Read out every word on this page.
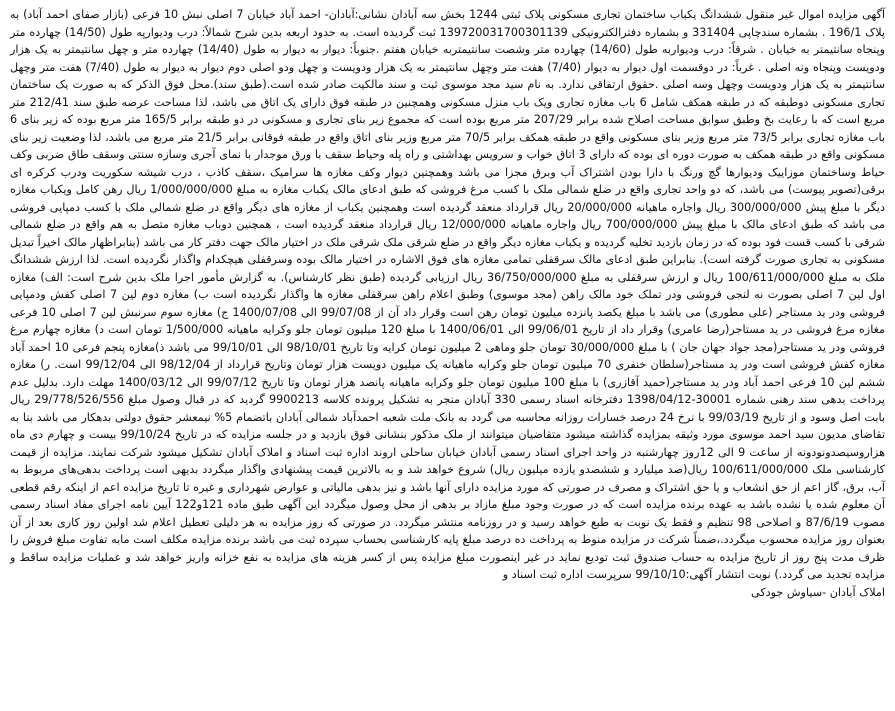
آگهی مزایده اموال غیر منقول ششدانگ یکباب ساختمان تجاری مسکونی پلاک ثبتی 1244 بخش سه آبادان نشانی:آبادان- احمد آباد خیابان 7 اصلی نبش 10 فرعی (بازار صفای احمد آباد) به پلاک 196/1 . بشماره سندچاپی 331404 و بشماره دفترالکترونیکی 139720031700301139 ثبت گردیده است. به حدود اربعه بدین شرح شمالاً: درب وديوارپه طول (14/50) چهارده متر وپنجاه سانتیمتر به خیابان . شرقاً: درب وديواربه طول (14/60) چهارده متر وشصت سانتیمتربه خیابان هفتم .جنوباً: ديوار به ديوار به طول (14/40) چهارده متر و چهل سانتیمتر به یک هزار ودویست وپنجاه ونه اصلی . غرباً: در دوقسمت اول ديوار به ديوار (7/40) هفت متر وچهل سانتیمتر به یک هزار ودویست و چهل ودو اصلی دوم ديوار به ديوار به طول (7/40) هفت متر وچهل سانتیمتر به یک هزار ودویست وچهل وسه اصلی .حقوق ارتفاقی ندارد. به نام سید مجد موسوی ثبت و سند مالکیت صادر شده است.(طبق سند).محل فوق الذکر که به صورت یک ساختمان تجاری مسکونی دوطبقه که در طبقه همکف شامل 6 باب مغازه تجاری ویک باب منزل مسکونی وهمچنین در طبقه فوق دارای یک اتاق می باشد، لذا مساحت عرصه طبق سند 212/41 متر مربع است که با رعایت بخ وطبق سوابق مساحت اصلاح شده برابر 207/29 متر مربع بوده است که مجموع زیر بنای تجاری و مسکونی در دو طبقه برابر 165/5 متر مربع بوده که زیر بنای 6 باب مغازه تجاری برابر 73/5 متر مربع وزیر بنای مسکونی واقع در طبقه همکف برابر 70/5 متر مربع وزیر بنای اتاق واقع در طبقه فوقانی برابر 21/5 متر مربع می باشد، لذا وضعیت زیر بنای مسکونی واقع در طبقه همکف به صورت دوره ای بوده که دارای 3 اتاق خواب و سرویس بهداشتی و راه پله وحیاط سقف با ورق موجدار با نمای آجری وسازه سنتی وسقف طاق ضربی وکف حیاط وساختمان موزاییک وديوارها گچ ورنگ با دارا بودن اشتراک آب وبرق مجزا می باشد وهمچنین ديوار وکف مغازه ها سرامیک ،سقف کاذب ، درب شیشه سکوریت ودرب کرکره ای برقی(تصویر پیوست) می باشد، که دو واحد تجاری واقع در ضلع شمالی ملک با کسب مرغ فروشی که طبق ادعای مالک یکباب مغازه به مبلغ 1/000/000/000 ریال رهن کامل ویکباب مغازه دیگر با مبلغ پیش 300/000/000 ریال واجاره ماهیانه 20/000/000 ریال قرارداد منعقد گردیده است وهمچنین یکباب از مغازه های دیگر واقع در ضلع شمالی ملک با کسب دمپایی فروشی می باشد که طبق ادعای مالک با مبلغ پیش 700/000/000 ریال واجاره ماهیانه 12/000/000 ریال قرارداد منعقد گردیده است ، همچنین دوباب مغازه متصل به هم واقع در ضلع شمالی شرقی با کسب قست فود بوده که در زمان بازدید تخلیه گردیده و یکباب مغازه دیگر واقع در ضلع شرقی ملک شرقی ملک در اختیار مالک جهت دفتر کار می باشد (بنابراظهار مالک اخیراً تبدیل مسکونی به تجاری صورت گرفته است). بنابراین طبق ادعای مالک سرقفلی تمامی مغازه های فوق الاشاره در اختیار مالک بوده وسرقفلی هیچکدام واگذار نگردیده است. لذا ارزش ششدانگ ملک به مبلغ 100/611/000/000 ریال و ارزش سرقفلی به مبلغ 36/750/000/000 ریال ارزیابی گردیده (طبق نظر کارشناس). به گزارش مأمور اجرا ملک بدین شرح است: الف) مغازه اول لین 7 اصلی بصورت نه لنجی فروشی ودر تملک خود مالک راهن (مجد موسوی) وطبق اعلام راهن سرقفلی مغازه ها واگذار نگردیده است ب) مغازه دوم لین 7 اصلی کفش ودمپایی فروشی ودر ید مستاجر (علی مطوری) می باشد با مبلغ یکصد پانزده میلیون تومان رهن است وقرار داد آن از 99/07/08 الی 1400/07/08 ج) مغازه سوم سرنبش لین 7 اصلی 10 فرعی مغازه مرغ فروشی در ید مستاجر(رضا عامری) وقرار داد از تاریخ 99/06/01 الی 1400/06/01 با مبلغ 120 میلیون تومان جلو وکرایه ماهیانه 1/500/000 تومان است د) مغازه چهارم مرغ فروشی ودر ید مستاجر(مجد جواد جهان جان ) با مبلغ 30/000/000 تومان جلو وماهی 2 میلیون تومان کرایه وتا تاریخ 98/10/01 الی 99/10/01 می باشد ذ)مغازه پنجم فرعی 10 احمد آباد مغازه کفش فروشی است ودر ید مستاجر(سلطان خنفری 70 میلیون تومان جلو وکرایه ماهیانه یک میلیون دویست هزار تومان وتاریخ قرارداد از 98/12/04 الی 99/12/04 است. ر) مغازه ششم لین 10 فرعی احمد آباد ودر ید مستاجر(حمید آقازری) با مبلغ 100 میلیون تومان جلو وکرایه ماهیانه پانصد هزار تومان وتا تاریخ 99/07/12 الی 1400/03/12 مهلت دارد. بدلیل عدم پرداخت بدهی سند رهنی شماره 30001-1398/04/12 دفترخانه اسناد رسمی 330 آبادان منجر به تشکیل پرونده کلاسه 9900213 گردید که در قبال وصول مبلغ 29/778/526/556 ریال بابت اصل وسود و از تاریخ 99/03/19 با نرخ 24 درصد خسارات روزانه محاسبه می گردد به بانک ملت شعبه احمدآباد شمالی آبادان باتضمام 5% نیمعشر حقوق دولتی بدهکار می باشد بنا به تقاضای مدیون سید احمد موسوی مورد وثیقه بمزایده گذاشته میشود متقاضیان میتوانند از ملک مذکور بنشانی فوق بازدید و در جلسه مزایده که در تاریخ 99/10/24 بیست و چهارم دی ماه هزاروسیصدونودونه از ساعت 9 الی 12روز چهارشنبه در واحد اجرای اسناد رسمی آبادان خیابان ساحلی اروند اداره ثبت اسناد و املاک آبادان تشکیل میشود شرکت نمایند. مزایده از قیمت کارشناسی ملک 100/611/000/000 ریال(صد میلیارد و ششصدو یازده میلیون ریال) شروع خواهد شد و به بالاترین قیمت پیشنهادی واگذار میگردد بدیهی است پرداخت بدهی‌های مربوط به آب، برق، گاز اعم از حق انشعاب و یا حق اشتراک و مصرف در صورتی که مورد مزایده دارای آنها باشد و نیز بدهی مالیاتی و عوارض شهرداری و غیره تا تاریخ مزایده اعم از اینکه رقم قطعی آن معلوم شده یا نشده باشد به عهده برنده مزایده است که در صورت وجود مبلغ مازاد بر بدهی از محل وصول میگردد این آگهی طبق ماده 121و122 آیین نامه اجرای مفاد اسناد رسمی مصوب 87/6/19 و اصلاحی 98 تنظیم و فقط یک نوبت به طبع خواهد رسید و در روزنامه منتشر میگردد. در صورتی که روز مزایده به هر دلیلی تعطیل اعلام شد اولین روز کاری بعد از آن بعنوان روز مزایده محسوب میگردد.،ضمناً شرکت در مزایده منوط به پرداخت ده درصد مبلغ پایه کارشناسی بحساب سپرده ثبت می باشد برنده مزایده مکلف است مابه تفاوت مبلغ فروش را ظرف مدت پنج روز از تاریخ مزایده به حساب صندوق ثبت تودیع نماید در غیر اینصورت مبلغ مزایده پس از کسر هزینه های مزایده به نفع خزانه واریز خواهد شد و عملیات مزایده ساقط و مزایده تجدید می گردد.) نوبت انتشار آگهی:99/10/10 سرپرست اداره ثبت اسناد و

املاک آبادان -سیاوش جودکی
